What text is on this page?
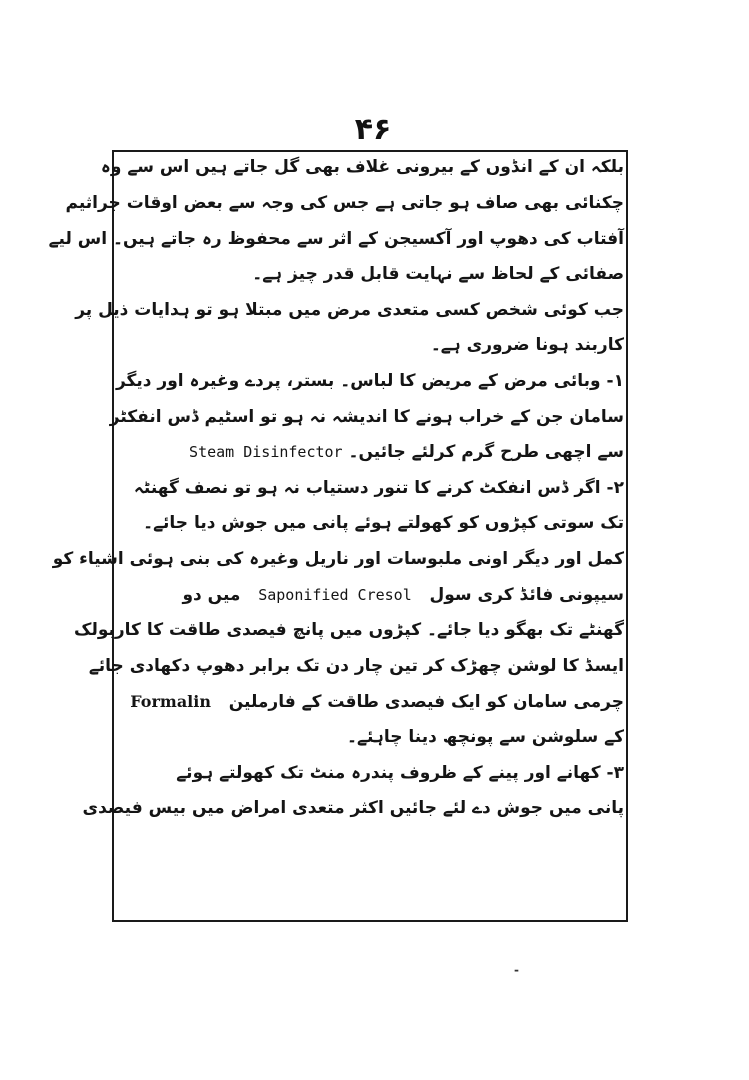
۴۶
بلکہ ان کے انڈوں کے بیرونی غلاف بھی گل جاتے ہیں اس سے وہ
چکنائی بھی صاف ہو جاتی ہے جس کی وجہ سے بعض اوقات جراثیم
آفتاب کی دھوپ اور آکسیجن کے اثر سے محفوظ رہ جاتے ہیں۔ اس لیے
صفائی کے لحاظ سے نہایت قابل قدر چیز ہے۔
جب کوئی شخص کسی متعدی مرض میں مبتلا ہو تو ہدایات ذیل پر
کاربند ہونا ضروری ہے۔
۱- وبائی مرض کے مریض کا لباس۔ بستر، پردے وغیرہ اور دیگر
سامان جن کے خراب ہونے کا اندیشہ نہ ہو تو اسٹیم ڈس انفکٹر
سے اچھی طرح گرم کرلئے جائیں۔ Steam Disinfector
۲- اگر ڈس انفکٹ کرنے کا تنور دستیاب نہ ہو تو نصف گھنٹہ
تک سوتی کپڑوں کو کھولتے ہوئے پانی میں جوش دیا جائے۔
کمل اور دیگر اونی ملبوسات اور ناریل وغیرہ کی بنی ہوئی اشیاء کو
سیپونی فائڈ کری سول   Saponified Cresol   میں دو
گھنٹے تک بھگو دیا جائے۔ کپڑوں میں پانچ فیصدی طاقت کا کاربولک
ایسڈ کا لوشن چھڑک کر تین چار دن تک برابر دھوپ دکھادی جائے
چرمی سامان کو ایک فیصدی طاقت کے فارملین   Formalin
کے سلوشن سے پونچھ دینا چاہئے۔
۳- کھانے اور پینے کے ظروف پندرہ منٹ تک کھولتے ہوئے
پانی میں جوش دے لئے جائیں اکثر متعدی امراض میں بیس فیصدی
-
